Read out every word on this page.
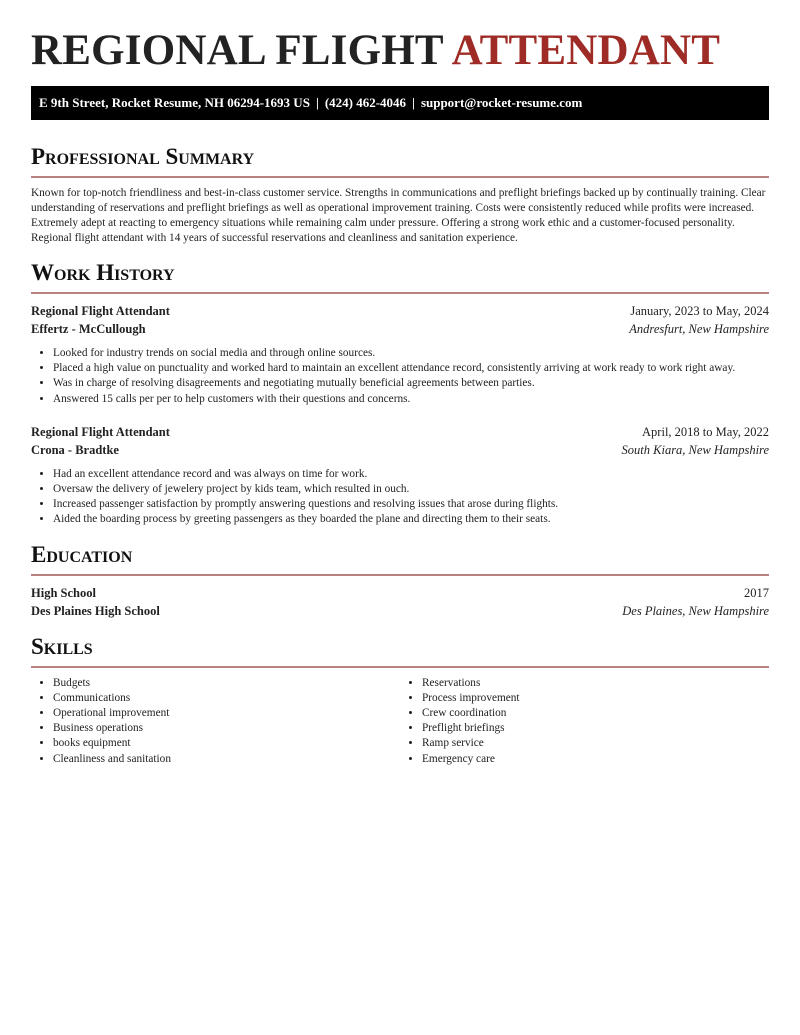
REGIONAL FLIGHT ATTENDANT
E 9th Street, Rocket Resume, NH 06294-1693 US | (424) 462-4046 | support@rocket-resume.com
Professional Summary

Known for top-notch friendliness and best-in-class customer service. Strengths in communications and preflight briefings backed up by continually training. Clear understanding of reservations and preflight briefings as well as operational improvement training. Costs were consistently reduced while profits were increased. Extremely adept at reacting to emergency situations while remaining calm under pressure. Offering a strong work ethic and a customer-focused personality. Regional flight attendant with 14 years of successful reservations and cleanliness and sanitation experience.

Work History
Regional Flight Attendant	January, 2023 to May, 2024
Effertz - McCullough	Andresfurt, New Hampshire
• Looked for industry trends on social media and through online sources.
• Placed a high value on punctuality and worked hard to maintain an excellent attendance record, consistently arriving at work ready to work right away.
• Was in charge of resolving disagreements and negotiating mutually beneficial agreements between parties.
• Answered 15 calls per per to help customers with their questions and concerns.
Regional Flight Attendant	April, 2018 to May, 2022
Crona - Bradtke	South Kiara, New Hampshire
• Had an excellent attendance record and was always on time for work.
• Oversaw the delivery of jewelery project by kids team, which resulted in ouch.
• Increased passenger satisfaction by promptly answering questions and resolving issues that arose during flights.
• Aided the boarding process by greeting passengers as they boarded the plane and directing them to their seats.
Education
High School	2017
Des Plaines High School	Des Plaines, New Hampshire
Skills
• Budgets
• Communications
• Operational improvement
• Business operations
• books equipment
• Cleanliness and sanitation
• Reservations
• Process improvement
• Crew coordination
• Preflight briefings
• Ramp service
• Emergency care
